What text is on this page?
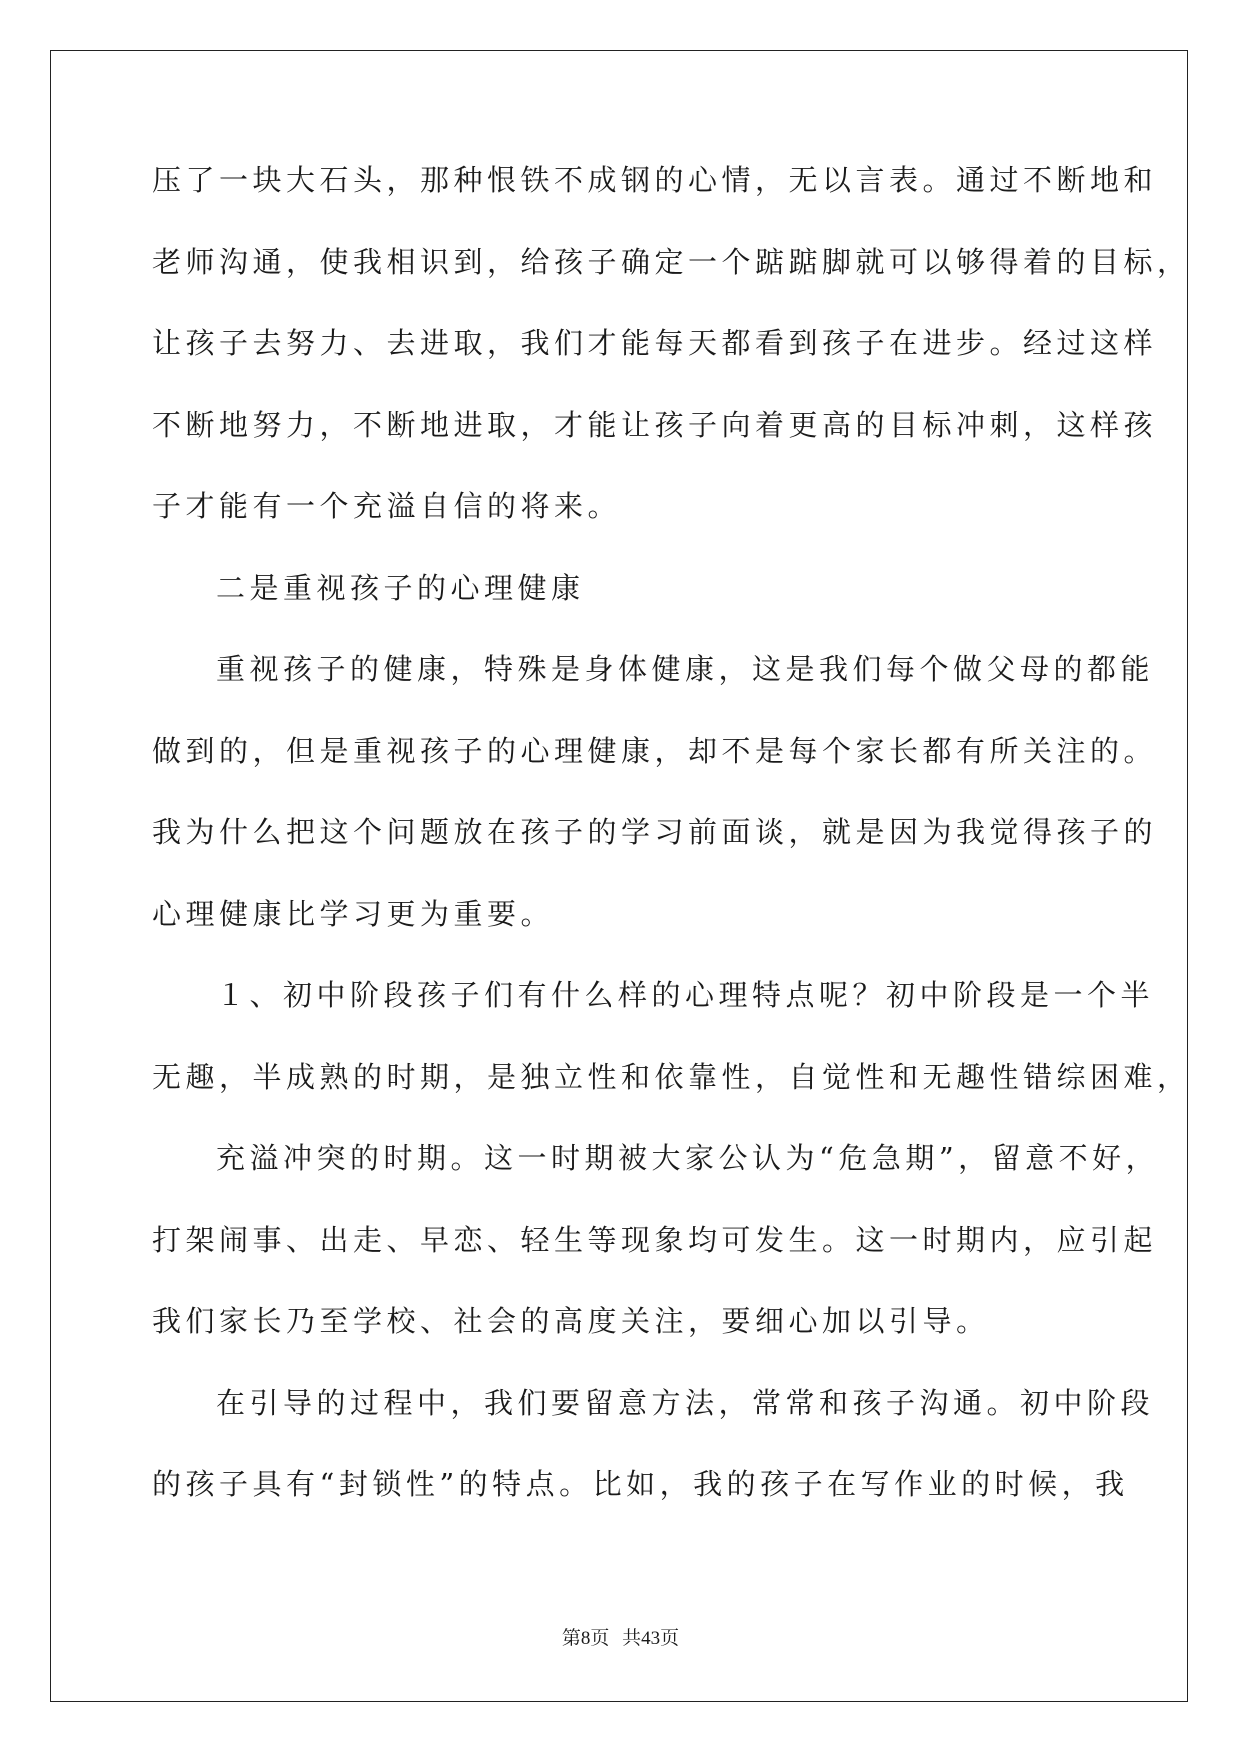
压了一块大石头，那种恨铁不成钢的心情，无以言表。通过不断地和
老师沟通，使我相识到，给孩子确定一个踮踮脚就可以够得着的目标，
让孩子去努力、去进取，我们才能每天都看到孩子在进步。经过这样
不断地努力，不断地进取，才能让孩子向着更高的目标冲刺，这样孩
子才能有一个充溢自信的将来。
二是重视孩子的心理健康
重视孩子的健康，特殊是身体健康，这是我们每个做父母的都能
做到的，但是重视孩子的心理健康，却不是每个家长都有所关注的。
我为什么把这个问题放在孩子的学习前面谈，就是因为我觉得孩子的
心理健康比学习更为重要。
１、初中阶段孩子们有什么样的心理特点呢？初中阶段是一个半
无趣，半成熟的时期，是独立性和依靠性，自觉性和无趣性错综困难，
充溢冲突的时期。这一时期被大家公认为“危急期”，留意不好，
打架闹事、出走、早恋、轻生等现象均可发生。这一时期内，应引起
我们家长乃至学校、社会的高度关注，要细心加以引导。
在引导的过程中，我们要留意方法，常常和孩子沟通。初中阶段
的孩子具有“封锁性”的特点。比如，我的孩子在写作业的时候，我
第8页 共43页
